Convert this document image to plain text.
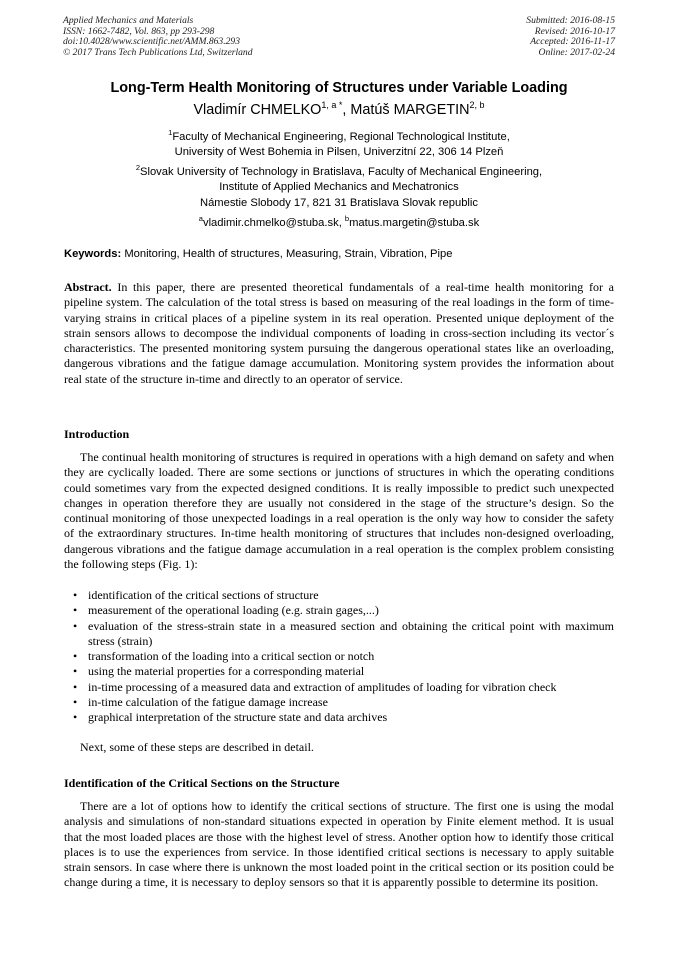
Applied Mechanics and Materials
ISSN: 1662-7482, Vol. 863, pp 293-298
doi:10.4028/www.scientific.net/AMM.863.293
© 2017 Trans Tech Publications Ltd, Switzerland
Submitted: 2016-08-15
Revised: 2016-10-17
Accepted: 2016-11-17
Online: 2017-02-24
Long-Term Health Monitoring of Structures under Variable Loading
Vladimír $CHMELKO^{1, a *}$, Matúš MARGETIN$^{2, b}$
$^1$Faculty of Mechanical Engineering, Regional Technological Institute,
University of West Bohemia in Pilsen, Univerzitní 22, 306 14 Plzeň
$^2$Slovak University of Technology in Bratislava, Faculty of Mechanical Engineering,
Institute of Applied Mechanics and Mechatronics
Námestie Slobody 17, 821 31 Bratislava Slovak republic
$^a$vladimir.chmelko@stuba.sk, $^b$matus.margetin@stuba.sk
Keywords: Monitoring, Health of structures, Measuring, Strain, Vibration, Pipe
Abstract. In this paper, there are presented theoretical fundamentals of a real-time health monitoring for a pipeline system. The calculation of the total stress is based on measuring of the real loadings in the form of time-varying strains in critical places of a pipeline system in its real operation. Presented unique deployment of the strain sensors allows to decompose the individual components of loading in cross-section including its vector´s characteristics. The presented monitoring system pursuing the dangerous operational states like an overloading, dangerous vibrations and the fatigue damage accumulation. Monitoring system provides the information about real state of the structure in-time and directly to an operator of service.
Introduction

The continual health monitoring of structures is required in operations with a high demand on safety and when they are cyclically loaded. There are some sections or junctions of structures in which the operating conditions could sometimes vary from the expected designed conditions. It is really impossible to predict such unexpected changes in operation therefore they are usually not considered in the stage of the structure’s design. So the continual monitoring of those unexpected loadings in a real operation is the only way how to consider the safety of the extraordinary structures. In-time health monitoring of structures that includes non-designed overloading, dangerous vibrations and the fatigue damage accumulation in a real operation is the complex problem consisting the following steps (Fig. 1):

• identification of the critical sections of structure
• measurement of the operational loading (e.g. strain gages,...)
• evaluation of the stress-strain state in a measured section and obtaining the critical point with maximum stress (strain)
• transformation of the loading into a critical section or notch
• using the material properties for a corresponding material
• in-time processing of a measured data and extraction of amplitudes of loading for vibration check
• in-time calculation of the fatigue damage increase
• graphical interpretation of the structure state and data archives
Next, some of these steps are described in detail.
Identification of the Critical Sections on the Structure

There are a lot of options how to identify the critical sections of structure. The first one is using the modal analysis and simulations of non-standard situations expected in operation by Finite element method. It is usual that the most loaded places are those with the highest level of stress. Another option how to identify those critical places is to use the experiences from service. In those identified critical sections is necessary to apply suitable strain sensors. In case where there is unknown the most loaded point in the critical section or its position could be change during a time, it is necessary to deploy sensors so that it is apparently possible to determine its position.
